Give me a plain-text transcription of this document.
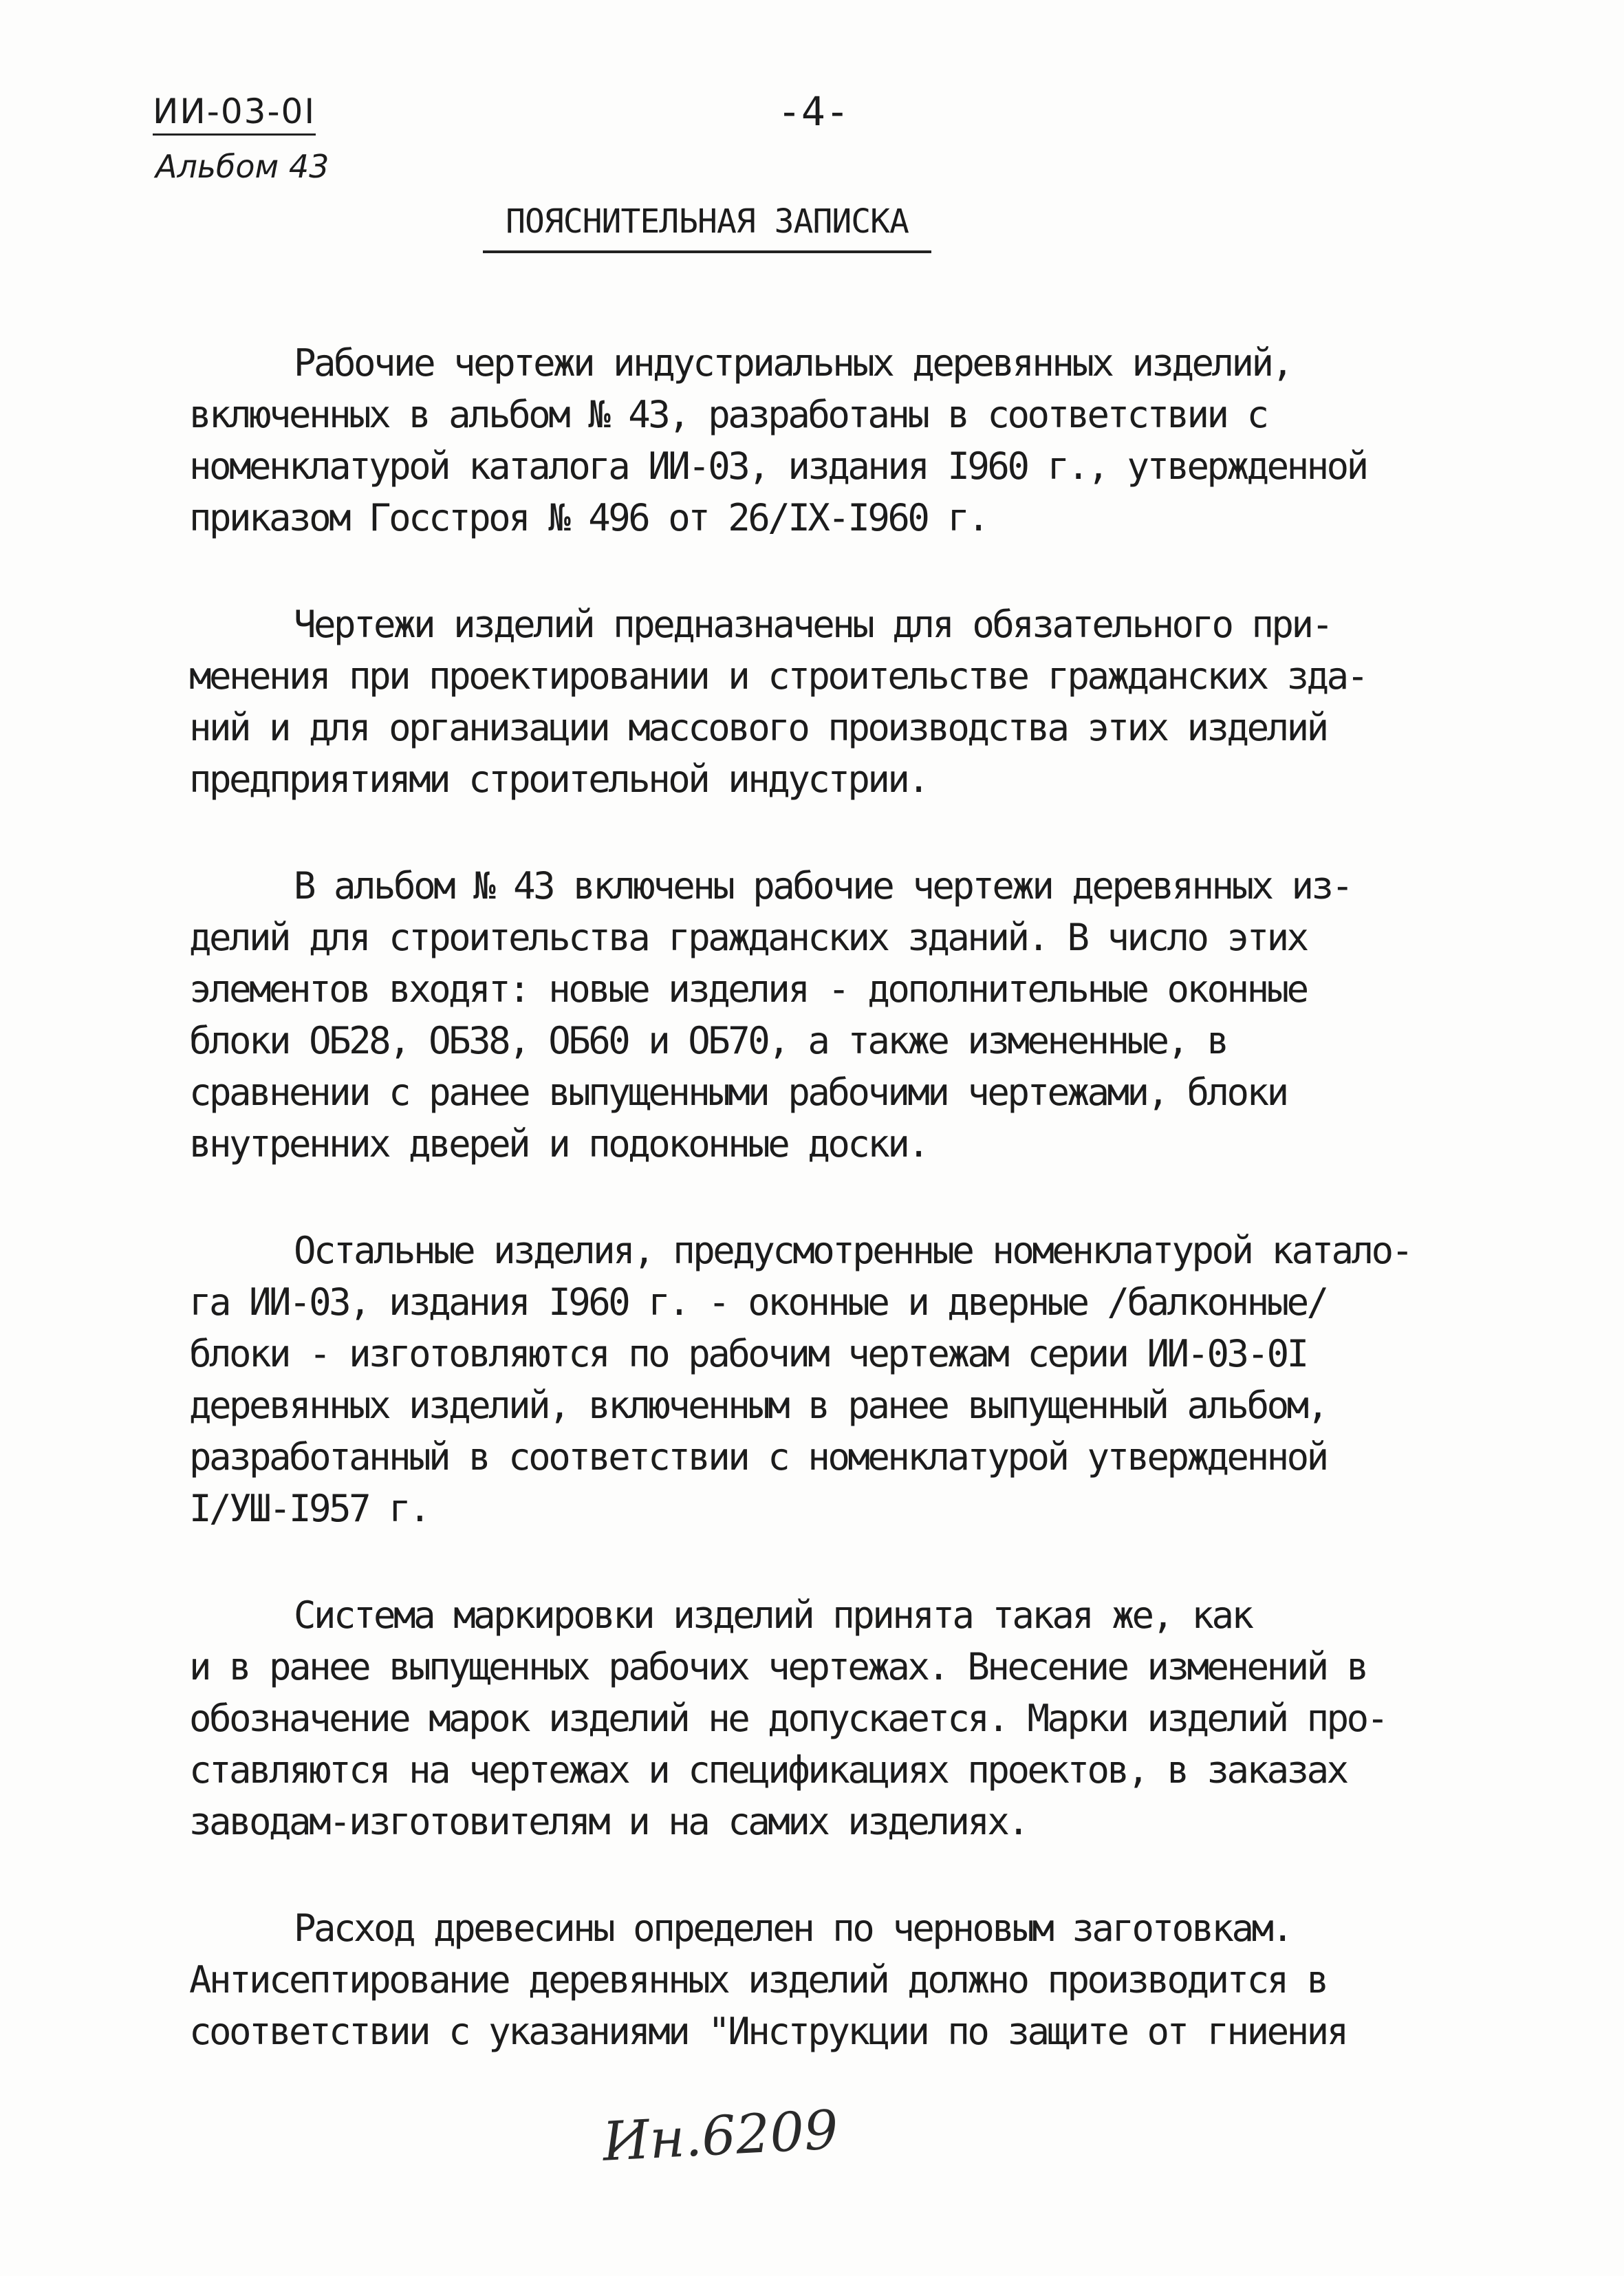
ИИ-03-0I
Альбом 43
-4-
ПОЯСНИТЕЛЬНАЯ ЗАПИСКА
Рабочие чертежи индустриальных деревянных изделий,
включенных в альбом № 43, разработаны в соответствии с
номенклатурой каталога ИИ-03, издания I960 г., утвержденной
приказом Госстроя № 496 от 26/IX-I960 г.
Чертежи изделий предназначены для обязательного при-
менения при проектировании и строительстве гражданских зда-
ний и для организации массового производства этих изделий
предприятиями строительной индустрии.
В альбом № 43 включены рабочие чертежи деревянных из-
делий для строительства гражданских зданий. В число этих
элементов входят: новые изделия - дополнительные оконные
блоки ОБ28, ОБ38, ОБ60 и ОБ70, а также измененные, в
сравнении с ранее выпущенными рабочими чертежами, блоки
внутренних дверей и подоконные доски.
Остальные изделия, предусмотренные номенклатурой катало-
га ИИ-03, издания I960 г. - оконные и дверные /балконные/
блоки - изготовляются по рабочим чертежам серии ИИ-03-0I
деревянных изделий, включенным в ранее выпущенный альбом,
разработанный в соответствии с номенклатурой утвержденной
I/УШ-I957 г.
Система маркировки изделий принята такая же, как
и в ранее выпущенных рабочих чертежах. Внесение изменений в
обозначение марок изделий не допускается. Марки изделий про-
ставляются на чертежах и спецификациях проектов, в заказах
заводам-изготовителям и на самих изделиях.
Расход древесины определен по черновым заготовкам.
Антисептирование деревянных изделий должно производится в
соответствии с указаниями "Инструкции по защите от гниения
Ин.6209
